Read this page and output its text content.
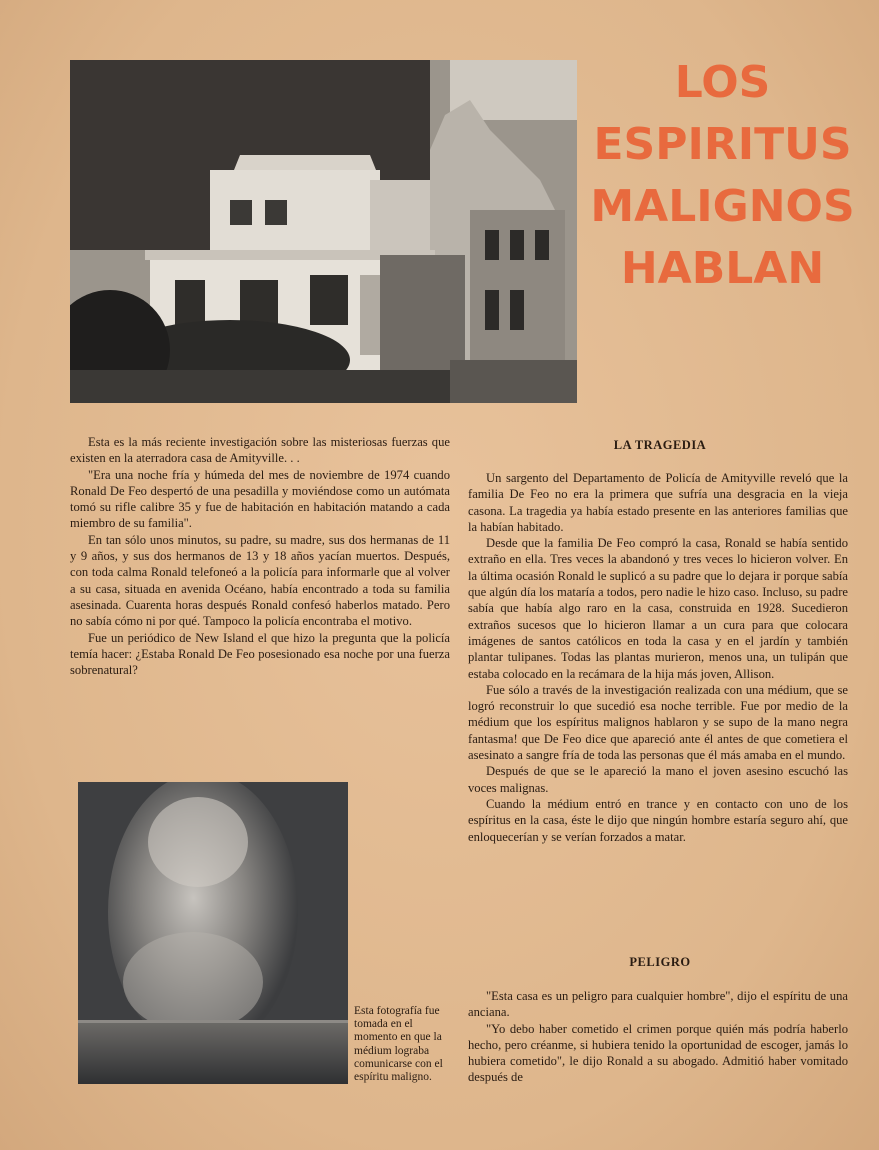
LOS
ESPIRITUS
MALIGNOS
HABLAN

Esta es la más reciente investigación sobre las misteriosas fuerzas que existen en la aterradora casa de Amityville. . .

"Era una noche fría y húmeda del mes de noviembre de 1974 cuando Ronald De Feo despertó de una pesadilla y moviéndose como un autómata tomó su rifle calibre 35 y fue de habitación en habitación matando a cada miembro de su familia".

En tan sólo unos minutos, su padre, su madre, sus dos hermanas de 11 y 9 años, y sus dos hermanos de 13 y 18 años yacían muertos. Después, con toda calma Ronald telefoneó a la policía para informarle que al volver a su casa, situada en avenida Océano, había encontrado a toda su familia asesinada. Cuarenta horas después Ronald confesó haberlos matado. Pero no sabía cómo ni por qué. Tampoco la policía encontraba el motivo.

Fue un periódico de New Island el que hizo la pregunta que la policía temía hacer: ¿Estaba Ronald De Feo posesionado esa noche por una fuerza sobrenatural?

LA TRAGEDIA

Un sargento del Departamento de Policía de Amityville reveló que la familia De Feo no era la primera que sufría una desgracia en la vieja casona. La tragedia ya había estado presente en las anteriores familias que la habían habitado.

Desde que la familia De Feo compró la casa, Ronald se había sentido extraño en ella. Tres veces la abandonó y tres veces lo hicieron volver. En la última ocasión Ronald le suplicó a su padre que lo dejara ir porque sabía que algún día los mataría a todos, pero nadie le hizo caso. Incluso, su padre sabía que había algo raro en la casa, construida en 1928. Sucedieron extraños sucesos que lo hicieron llamar a un cura para que colocara imágenes de santos católicos en toda la casa y en el jardín y también plantar tulipanes. Todas las plantas murieron, menos una, un tulipán que estaba colocado en la recámara de la hija más joven, Allison.

Fue sólo a través de la investigación realizada con una médium, que se logró reconstruir lo que sucedió esa noche terrible. Fue por medio de la médium que los espíritus malignos hablaron y se supo de la mano negra fantasma! que De Feo dice que apareció ante él antes de que cometiera el asesinato a sangre fría de toda las personas que él más amaba en el mundo.

Después de que se le apareció la mano el joven asesino escuchó las voces malignas.

Cuando la médium entró en trance y en contacto con uno de los espíritus en la casa, éste le dijo que ningún hombre estaría seguro ahí, que enloquecerían y se verían forzados a matar.

PELIGRO

"Esta casa es un peligro para cualquier hombre", dijo el espíritu de una anciana.

"Yo debo haber cometido el crimen porque quién más podría haberlo hecho, pero créanme, si hubiera tenido la oportunidad de escoger, jamás lo hubiera cometido", le dijo Ronald a su abogado. Admitió haber vomitado después de

Esta fotografía fue tomada en el momento en que la médium lograba comunicarse con el espíritu maligno.
